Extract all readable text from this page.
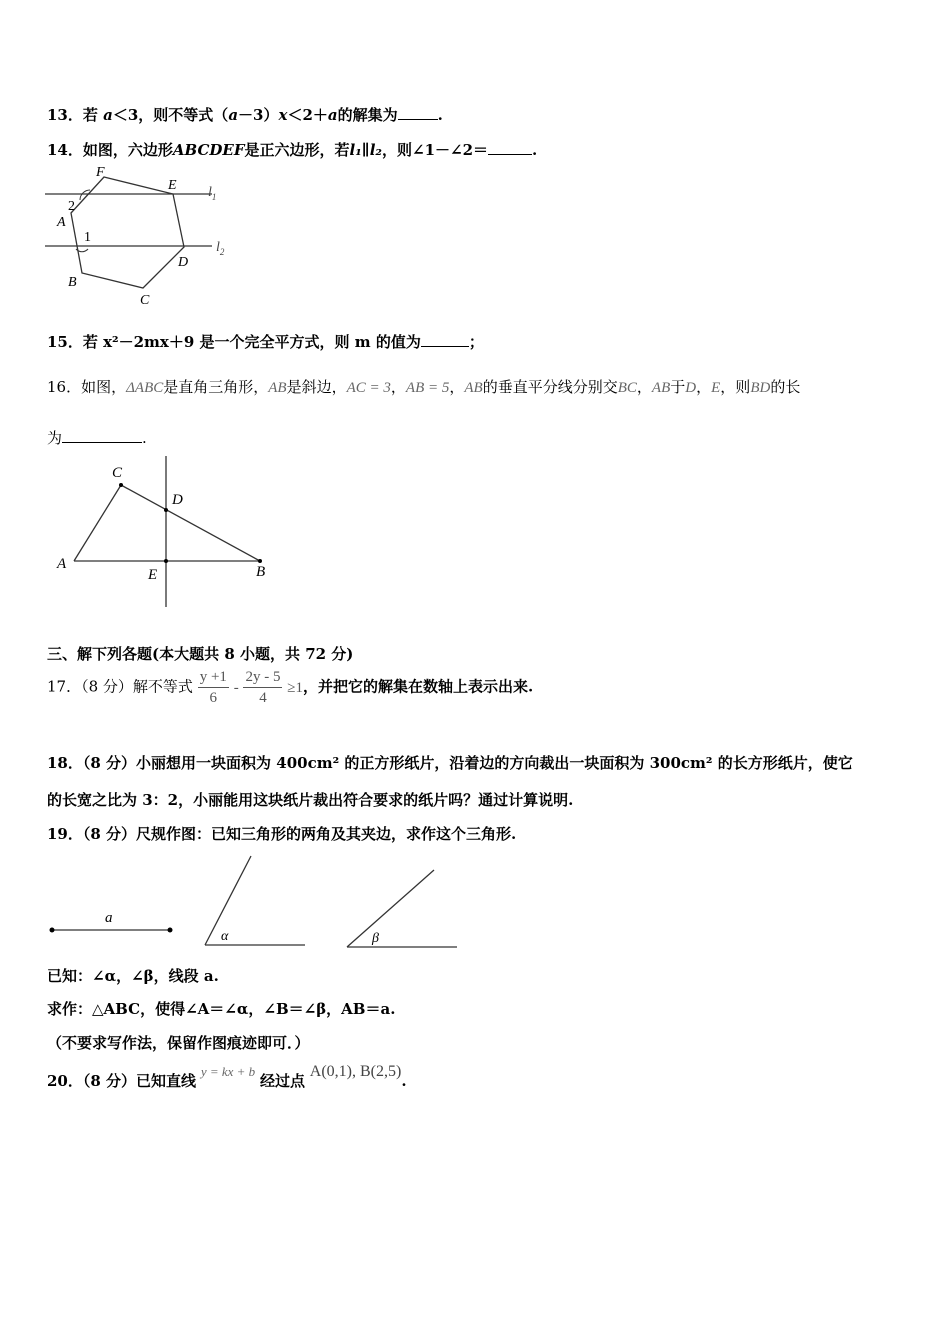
13．若 a＜3，则不等式（a－3）x＜2＋a的解集为	.
14．如图，六边形ABCDEF是正六边形，若l₁∥l₂，则∠1－∠2＝	.
F
E
A
2
1
B
C
D
$l_1$
$l_2$
15．若 x²－2mx＋9 是一个完全平方式，则 m 的值为	；
16．如图，ΔABC是直角三角形，AB是斜边，AC = 3，AB = 5，AB的垂直平分线分别交BC，AB于D，E，则BD的长
为	.
C
D
A
E	B
三、解下列各题(本大题共 8 小题，共 72 分)
17．（8 分）解不等式 $\frac{y +1}{6} - \frac{2y - 5}{4} \ge 1$，并把它的解集在数轴上表示出来.
18．（8 分）小丽想用一块面积为 400cm² 的正方形纸片，沿着边的方向裁出一块面积为 300cm² 的长方形纸片，使它
的长宽之比为 3：2，小丽能用这块纸片裁出符合要求的纸片吗？通过计算说明.
19．（8 分）尺规作图：已知三角形的两角及其夹边，求作这个三角形.
a
α	β
已知：∠α，∠β，线段 a.
求作：△ABC，使得∠A＝∠α，∠B＝∠β，AB＝a.
（不要求写作法，保留作图痕迹即可．）
20．（8 分）已知直线 y = kx + b 经过点 A(0,1), B(2,5).
